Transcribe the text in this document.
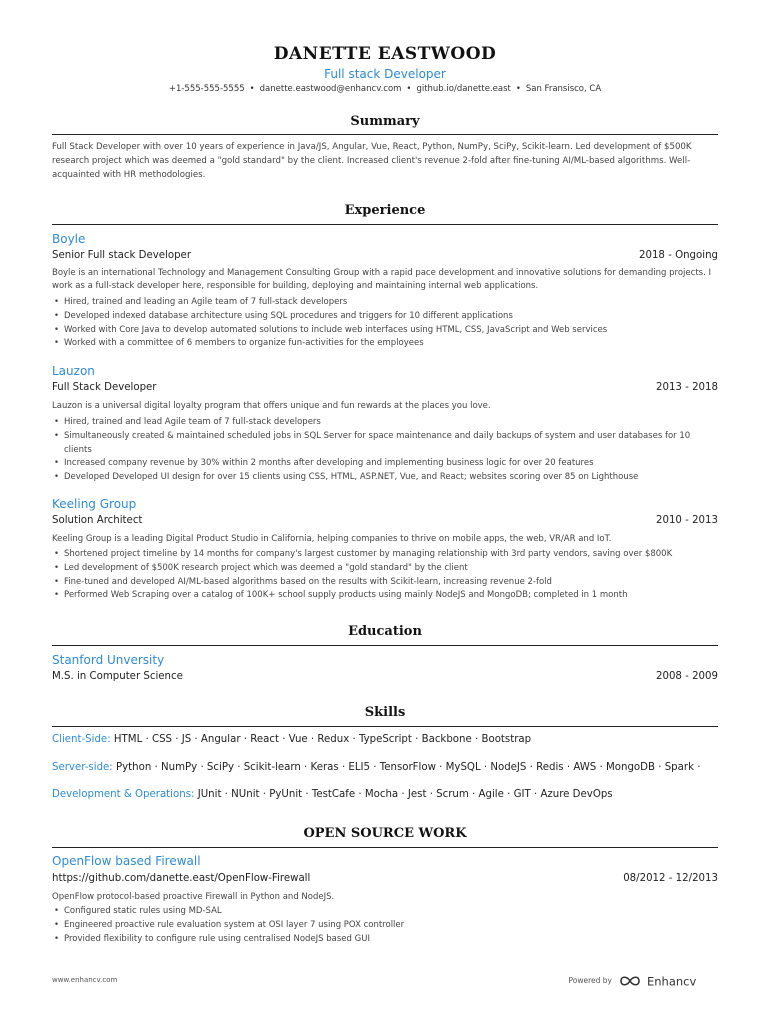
DANETTE EASTWOOD
Full stack Developer
+1-555-555-5555 • danette.eastwood@enhancv.com • github.io/danette.east • San Fransisco, CA
Summary
Full Stack Developer with over 10 years of experience in Java/JS, Angular, Vue, React, Python, NumPy, SciPy, Scikit-learn. Led development of $500K research project which was deemed a "gold standard" by the client. Increased client's revenue 2-fold after fine-tuning AI/ML-based algorithms. Well-acquainted with HR methodologies.
Experience
Boyle
Senior Full stack Developer	2018 - Ongoing
Boyle is an international Technology and Management Consulting Group with a rapid pace development and innovative solutions for demanding projects. I work as a full-stack developer here, responsible for building, deploying and maintaining internal web applications.
• Hired, trained and leading an Agile team of 7 full-stack developers
• Developed indexed database architecture using SQL procedures and triggers for 10 different applications
• Worked with Core Java to develop automated solutions to include web interfaces using HTML, CSS, JavaScript and Web services
• Worked with a committee of 6 members to organize fun-activities for the employees
Lauzon
Full Stack Developer	2013 - 2018
Lauzon is a universal digital loyalty program that offers unique and fun rewards at the places you love.
• Hired, trained and lead Agile team of 7 full-stack developers
• Simultaneously created & maintained scheduled jobs in SQL Server for space maintenance and daily backups of system and user databases for 10 clients
• Increased company revenue by 30% within 2 months after developing and implementing business logic for over 20 features
• Developed Developed UI design for over 15 clients using CSS, HTML, ASP.NET, Vue, and React; websites scoring over 85 on Lighthouse
Keeling Group
Solution Architect	2010 - 2013
Keeling Group is a leading Digital Product Studio in California, helping companies to thrive on mobile apps, the web, VR/AR and IoT.
• Shortened project timeline by 14 months for company's largest customer by managing relationship with 3rd party vendors, saving over $800K
• Led development of $500K research project which was deemed a "gold standard" by the client
• Fine-tuned and developed AI/ML-based algorithms based on the results with Scikit-learn, increasing revenue 2-fold
• Performed Web Scraping over a catalog of 100K+ school supply products using mainly NodeJS and MongoDB; completed in 1 month
Education
Stanford Unversity
M.S. in Computer Science	2008 - 2009
Skills
Client-Side: HTML · CSS · JS · Angular · React · Vue · Redux · TypeScript · Backbone · Bootstrap
Server-side: Python · NumPy · SciPy · Scikit-learn · Keras · ELI5 · TensorFlow · MySQL · NodeJS · Redis · AWS · MongoDB · Spark ·
Development & Operations: JUnit · NUnit · PyUnit · TestCafe · Mocha · Jest · Scrum · Agile · GIT · Azure DevOps
OPEN SOURCE WORK
OpenFlow based Firewall
https://github.com/danette.east/OpenFlow-Firewall	08/2012 - 12/2013
OpenFlow protocol-based proactive Firewall in Python and NodeJS.
• Configured static rules using MD-SAL
• Engineered proactive rule evaluation system at OSI layer 7 using POX controller
• Provided flexibility to configure rule using centralised NodeJS based GUI
www.enhancv.com	Powered by	Enhancv
